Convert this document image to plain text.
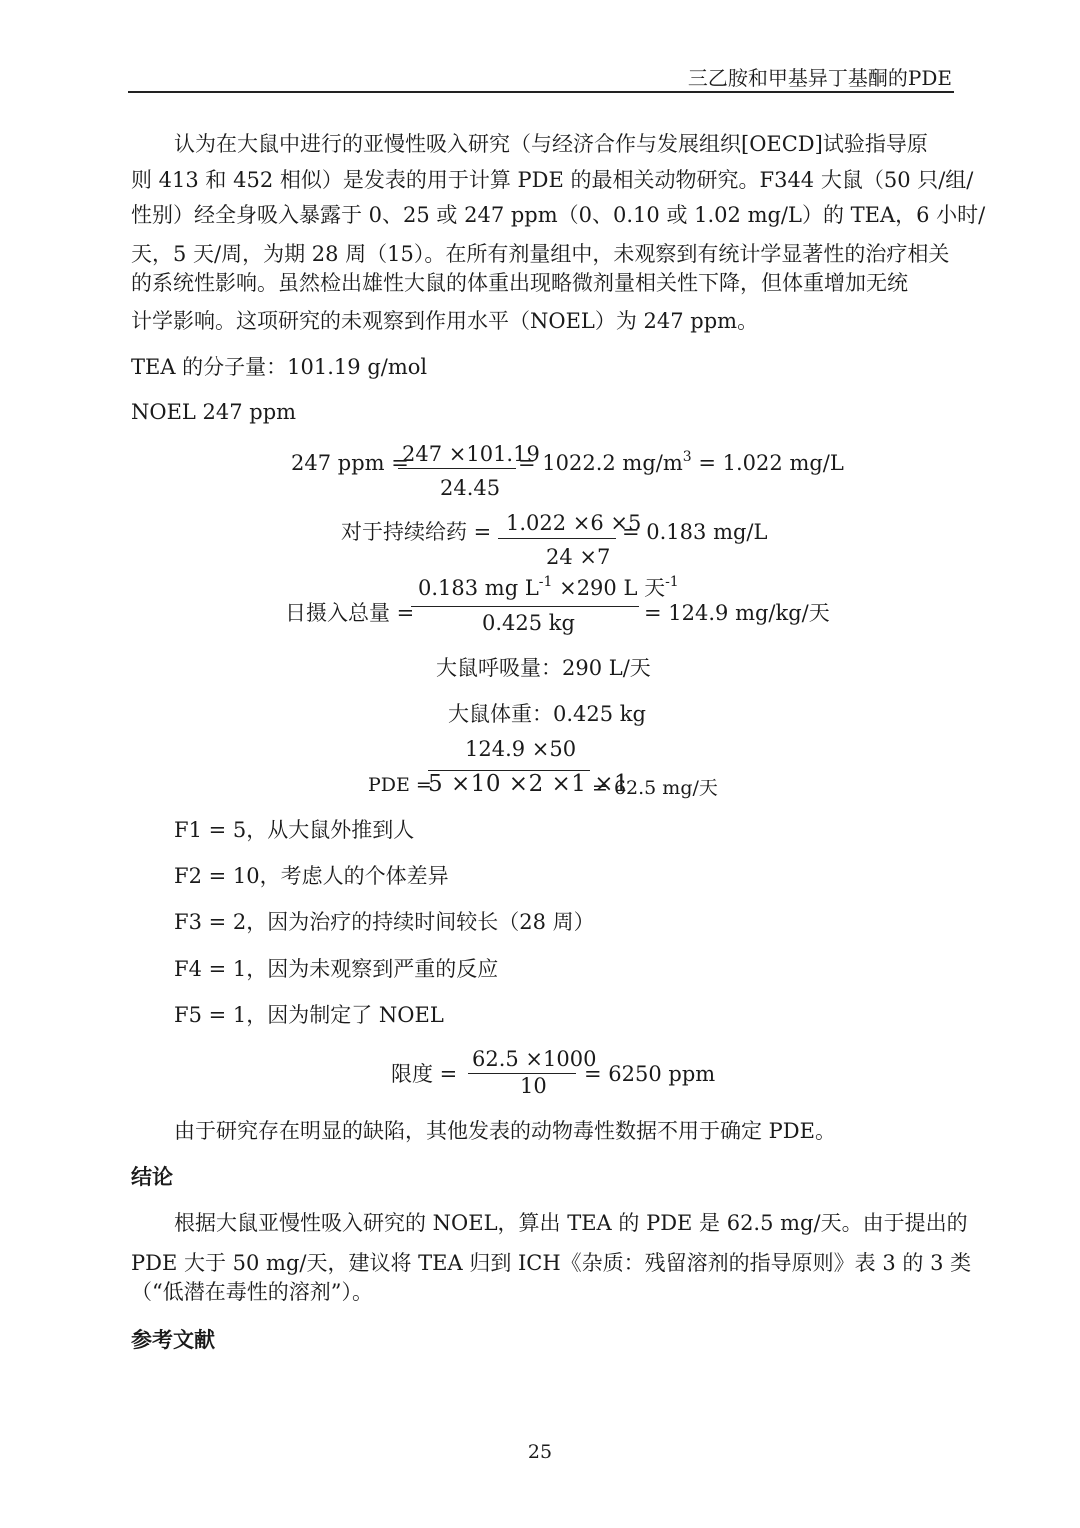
三乙胺和甲基异丁基酮的PDE
认为在大鼠中进行的亚慢性吸入研究（与经济合作与发展组织[OECD]试验指导原
则 413 和 452 相似）是发表的用于计算 PDE 的最相关动物研究。F344 大鼠（50 只/组/
性别）经全身吸入暴露于 0、25 或 247 ppm（0、0.10 或 1.02 mg/L）的 TEA，6 小时/
天，5 天/周，为期 28 周（15）。在所有剂量组中，未观察到有统计学显著性的治疗相关
的系统性影响。虽然检出雄性大鼠的体重出现略微剂量相关性下降，但体重增加无统
计学影响。这项研究的未观察到作用水平（NOEL）为 247 ppm。
TEA 的分子量：101.19 g/mol
NOEL 247 ppm
247 ppm =
247 ×101.19
24.45
= 1022.2 $mg/m^3 = 1.022$ mg/L
对于持续给药 = 1.022 ×6 ×5
24 ×7
= 0.183 mg/L
日摄入总量 =
0.183 mg $L^{-1} \times 290$ L 天$^{-1}$
0.425 kg	= 124.9 mg/kg/天
大鼠呼吸量：290 L/天
大鼠体重：0.425 kg
124.9 ×50
PDE =
5 ×10 ×2 ×1 ×1
= 62.5 mg/天
F1 = 5，从大鼠外推到人
F2 = 10，考虑人的个体差异
F3 = 2，因为治疗的持续时间较长（28 周）
F4 = 1，因为未观察到严重的反应
F5 = 1，因为制定了 NOEL
限度 =
62.5 ×1000
10 = 6250 ppm
由于研究存在明显的缺陷，其他发表的动物毒性数据不用于确定 PDE。
结论
根据大鼠亚慢性吸入研究的 NOEL，算出 TEA 的 PDE 是 62.5 mg/天。由于提出的
PDE 大于 50 mg/天，建议将 TEA 归到 ICH《杂质：残留溶剂的指导原则》表 3 的 3 类
（“低潜在毒性的溶剂”）。
参考文献
25
